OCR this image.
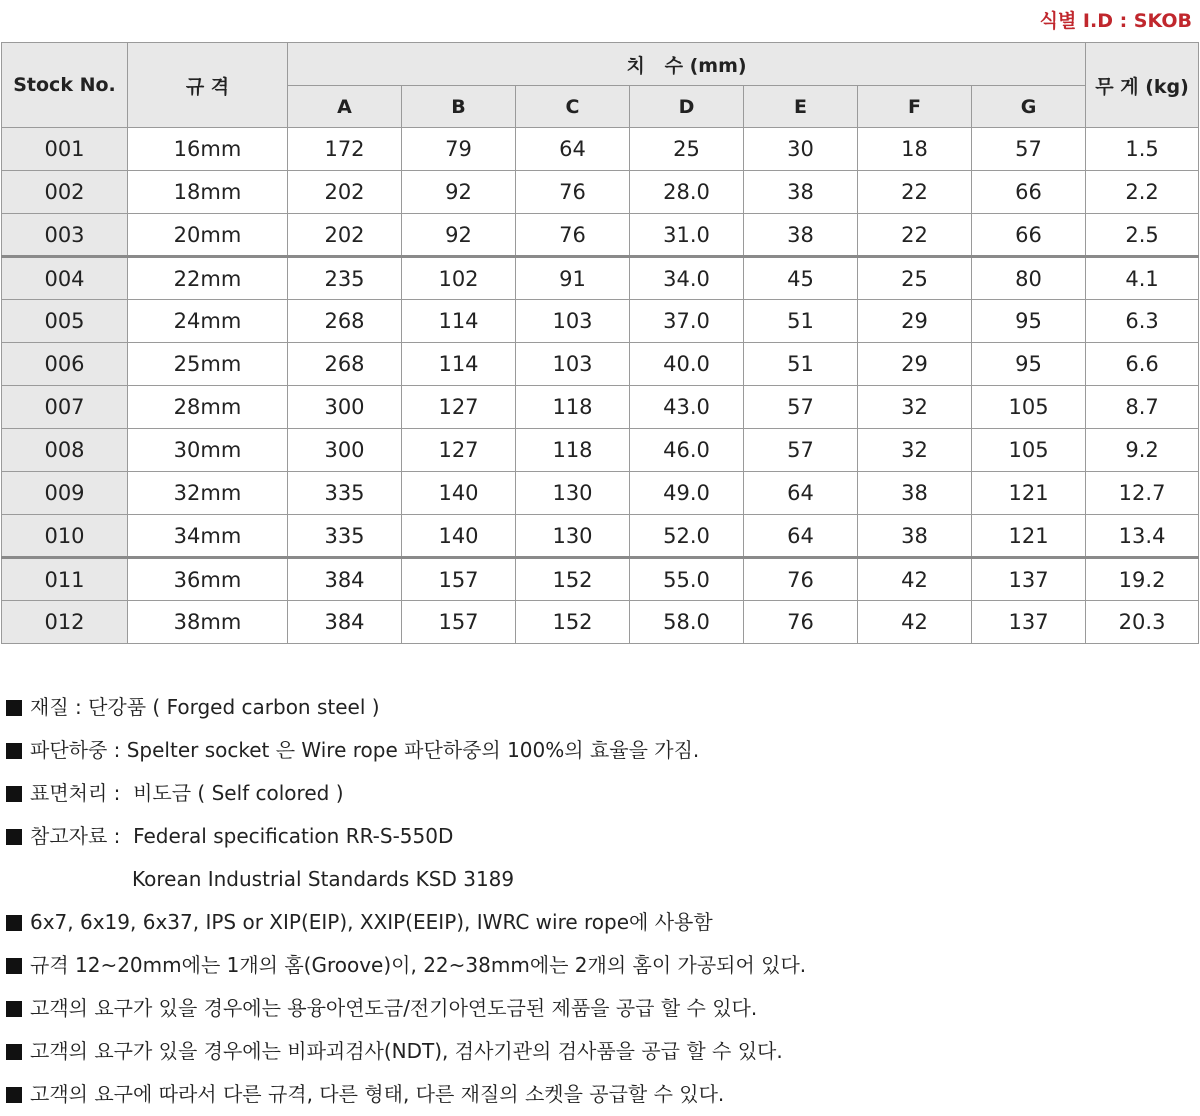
식별 I.D : SKOB
Stock No.	규 격	치   수 (mm)							무 게 (kg)
		A	B	C	D	E	F	G	
001	16mm	172	79	64	25	30	18	57	1.5
002	18mm	202	92	76	28.0	38	22	66	2.2
003	20mm	202	92	76	31.0	38	22	66	2.5
004	22mm	235	102	91	34.0	45	25	80	4.1
005	24mm	268	114	103	37.0	51	29	95	6.3
006	25mm	268	114	103	40.0	51	29	95	6.6
007	28mm	300	127	118	43.0	57	32	105	8.7
008	30mm	300	127	118	46.0	57	32	105	9.2
009	32mm	335	140	130	49.0	64	38	121	12.7
010	34mm	335	140	130	52.0	64	38	121	13.4
011	36mm	384	157	152	55.0	76	42	137	19.2
012	38mm	384	157	152	58.0	76	42	137	20.3
재질 : 단강품 ( Forged carbon steel )
파단하중 : Spelter socket 은 Wire rope 파단하중의 100%의 효율을 가짐.
표면처리 :  비도금 ( Self colored )
참고자료 :  Federal specification RR-S-550D
Korean Industrial Standards KSD 3189
6x7, 6x19, 6x37, IPS or XIP(EIP), XXIP(EEIP), IWRC wire rope에 사용함
규격 12~20mm에는 1개의 홈(Groove)이, 22~38mm에는 2개의 홈이 가공되어 있다.
고객의 요구가 있을 경우에는 용융아연도금/전기아연도금된 제품을 공급 할 수 있다.
고객의 요구가 있을 경우에는 비파괴검사(NDT), 검사기관의 검사품을 공급 할 수 있다.
고객의 요구에 따라서 다른 규격, 다른 형태, 다른 재질의 소켓을 공급할 수 있다.
